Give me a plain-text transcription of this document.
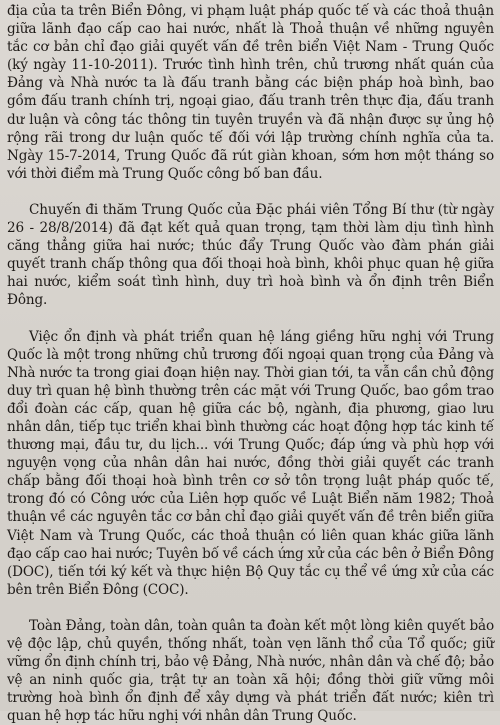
địa của ta trên Biển Đông, vi phạm luật pháp quốc tế và các thoả thuận giữa lãnh đạo cấp cao hai nước, nhất là Thoả thuận về những nguyên tắc cơ bản chỉ đạo giải quyết vấn đề trên biển Việt Nam - Trung Quốc (ký ngày 11-10-2011). Trước tình hình trên, chủ trương nhất quán của Đảng và Nhà nước ta là đấu tranh bằng các biện pháp hoà bình, bao gồm đấu tranh chính trị, ngoại giao, đấu tranh trên thực địa, đấu tranh dư luận và công tác thông tin tuyên truyền và đã nhận được sự ủng hộ rộng rãi trong dư luận quốc tế đối với lập trường chính nghĩa của ta. Ngày 15-7-2014, Trung Quốc đã rút giàn khoan, sớm hơn một tháng so với thời điểm mà Trung Quốc công bố ban đầu.

Chuyến đi thăm Trung Quốc của Đặc phái viên Tổng Bí thư (từ ngày 26 - 28/8/2014) đã đạt kết quả quan trọng, tạm thời làm dịu tình hình căng thẳng giữa hai nước; thúc đẩy Trung Quốc vào đàm phán giải quyết tranh chấp thông qua đối thoại hoà bình, khôi phục quan hệ giữa hai nước, kiểm soát tình hình, duy trì hoà bình và ổn định trên Biển Đông.

Việc ổn định và phát triển quan hệ láng giềng hữu nghị với Trung Quốc là một trong những chủ trương đối ngoại quan trọng của Đảng và Nhà nước ta trong giai đoạn hiện nay. Thời gian tới, ta vẫn cần chủ động duy trì quan hệ bình thường trên các mặt với Trung Quốc, bao gồm trao đổi đoàn các cấp, quan hệ giữa các bộ, ngành, địa phương, giao lưu nhân dân, tiếp tục triển khai bình thường các hoạt động hợp tác kinh tế thương mại, đầu tư, du lịch... với Trung Quốc; đáp ứng và phù hợp với nguyện vọng của nhân dân hai nước, đồng thời giải quyết các tranh chấp bằng đối thoại hoà bình trên cơ sở tôn trọng luật pháp quốc tế, trong đó có Công ước của Liên hợp quốc về Luật Biển năm 1982; Thoả thuận về các nguyên tắc cơ bản chỉ đạo giải quyết vấn đề trên biển giữa Việt Nam và Trung Quốc, các thoả thuận có liên quan khác giữa lãnh đạo cấp cao hai nước; Tuyên bố về cách ứng xử của các bên ở Biển Đông (DOC), tiến tới ký kết và thực hiện Bộ Quy tắc cụ thể về ứng xử của các bên trên Biển Đông (COC).

Toàn Đảng, toàn dân, toàn quân ta đoàn kết một lòng kiên quyết bảo vệ độc lập, chủ quyền, thống nhất, toàn vẹn lãnh thổ của Tổ quốc; giữ vững ổn định chính trị, bảo vệ Đảng, Nhà nước, nhân dân và chế độ; bảo vệ an ninh quốc gia, trật tự an toàn xã hội; đồng thời giữ vững môi trường hoà bình ổn định để xây dựng và phát triển đất nước; kiên trì quan hệ hợp tác hữu nghị với nhân dân Trung Quốc.
